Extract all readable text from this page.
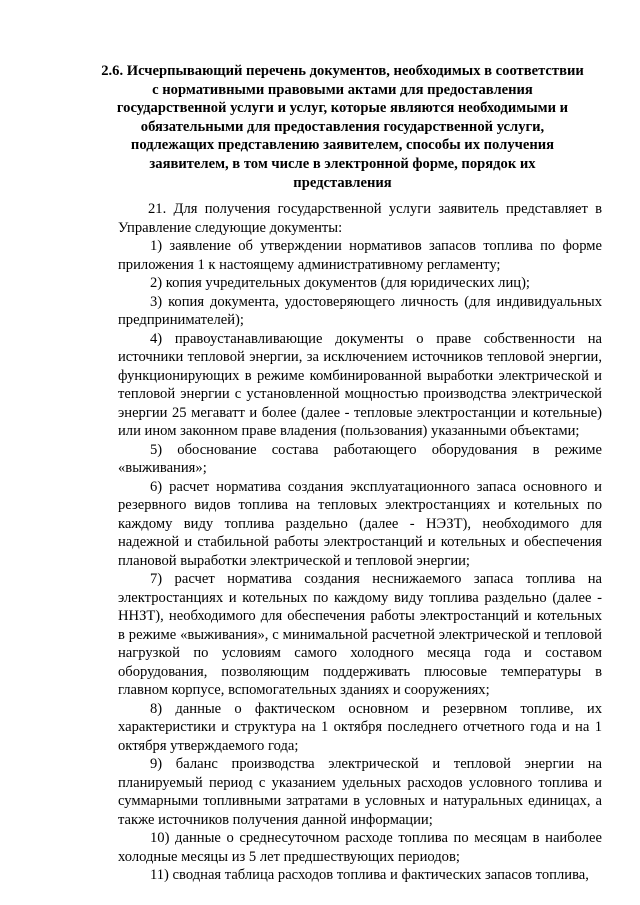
2.6. Исчерпывающий перечень документов, необходимых в соответствии
с нормативными правовыми актами для предоставления
государственной услуги и услуг, которые являются необходимыми и
обязательными для предоставления государственной услуги,
подлежащих представлению заявителем, способы их получения
заявителем, в том числе в электронной форме, порядок их
представления

21. Для получения государственной услуги заявитель представляет в Управление следующие документы:

1) заявление об утверждении нормативов запасов топлива по форме приложения 1 к настоящему административному регламенту;

2) копия учредительных документов (для юридических лиц);

3) копия документа, удостоверяющего личность (для индивидуальных предпринимателей);

4) правоустанавливающие документы о праве собственности на источники тепловой энергии, за исключением источников тепловой энергии, функционирующих в режиме комбинированной выработки электрической и тепловой энергии с установленной мощностью производства электрической энергии 25 мегаватт и более (далее - тепловые электростанции и котельные) или ином законном праве владения (пользования) указанными объектами;

5) обоснование состава работающего оборудования в режиме «выживания»;

6) расчет норматива создания эксплуатационного запаса основного и резервного видов топлива на тепловых электростанциях и котельных по каждому виду топлива раздельно (далее - НЭЗТ), необходимого для надежной и стабильной работы электростанций и котельных и обеспечения плановой выработки электрической и тепловой энергии;

7) расчет норматива создания неснижаемого запаса топлива на электростанциях и котельных по каждому виду топлива раздельно (далее - ННЗТ), необходимого для обеспечения работы электростанций и котельных в режиме «выживания», с минимальной расчетной электрической и тепловой нагрузкой по условиям самого холодного месяца года и составом оборудования, позволяющим поддерживать плюсовые температуры в главном корпусе, вспомогательных зданиях и сооружениях;

8) данные о фактическом основном и резервном топливе, их характеристики и структура на 1 октября последнего отчетного года и на 1 октября утверждаемого года;

9) баланс производства электрической и тепловой энергии на планируемый период с указанием удельных расходов условного топлива и суммарными топливными затратами в условных и натуральных единицах, а также источников получения данной информации;

10) данные о среднесуточном расходе топлива по месяцам в наиболее холодные месяцы из 5 лет предшествующих периодов;

11) сводная таблица расходов топлива и фактических запасов топлива,
